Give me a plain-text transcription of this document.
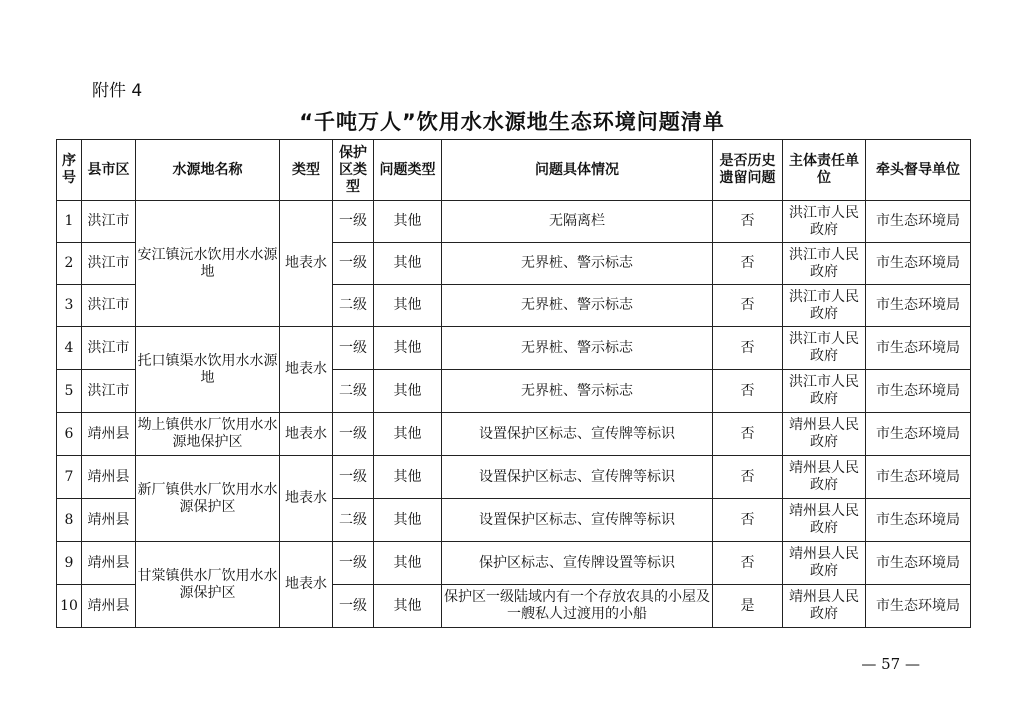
附件 4
“千吨万人”饮用水水源地生态环境问题清单
序号	县市区	水源地名称	类型	保护区类型	问题类型	问题具体情况	是否历史遗留问题	主体责任单位	牵头督导单位
1	洪江市	安江镇沅水饮用水水源地	地表水	一级	其他	无隔离栏	否	洪江市人民政府	市生态环境局
2	洪江市			一级	其他	无界桩、警示标志	否	洪江市人民政府	市生态环境局
3	洪江市			二级	其他	无界桩、警示标志	否	洪江市人民政府	市生态环境局
4	洪江市	托口镇渠水饮用水水源地	地表水	一级	其他	无界桩、警示标志	否	洪江市人民政府	市生态环境局
5	洪江市			二级	其他	无界桩、警示标志	否	洪江市人民政府	市生态环境局
6	靖州县	坳上镇供水厂饮用水水源地保护区	地表水	一级	其他	设置保护区标志、宣传牌等标识	否	靖州县人民政府	市生态环境局
7	靖州县	新厂镇供水厂饮用水水源保护区	地表水	一级	其他	设置保护区标志、宣传牌等标识	否	靖州县人民政府	市生态环境局
8	靖州县			二级	其他	设置保护区标志、宣传牌等标识	否	靖州县人民政府	市生态环境局
9	靖州县	甘棠镇供水厂饮用水水源保护区	地表水	一级	其他	保护区标志、宣传牌设置等标识	否	靖州县人民政府	市生态环境局
10	靖州县			一级	其他	保护区一级陆域内有一个存放农具的小屋及一艘私人过渡用的小船	是	靖州县人民政府	市生态环境局
— 57 —
